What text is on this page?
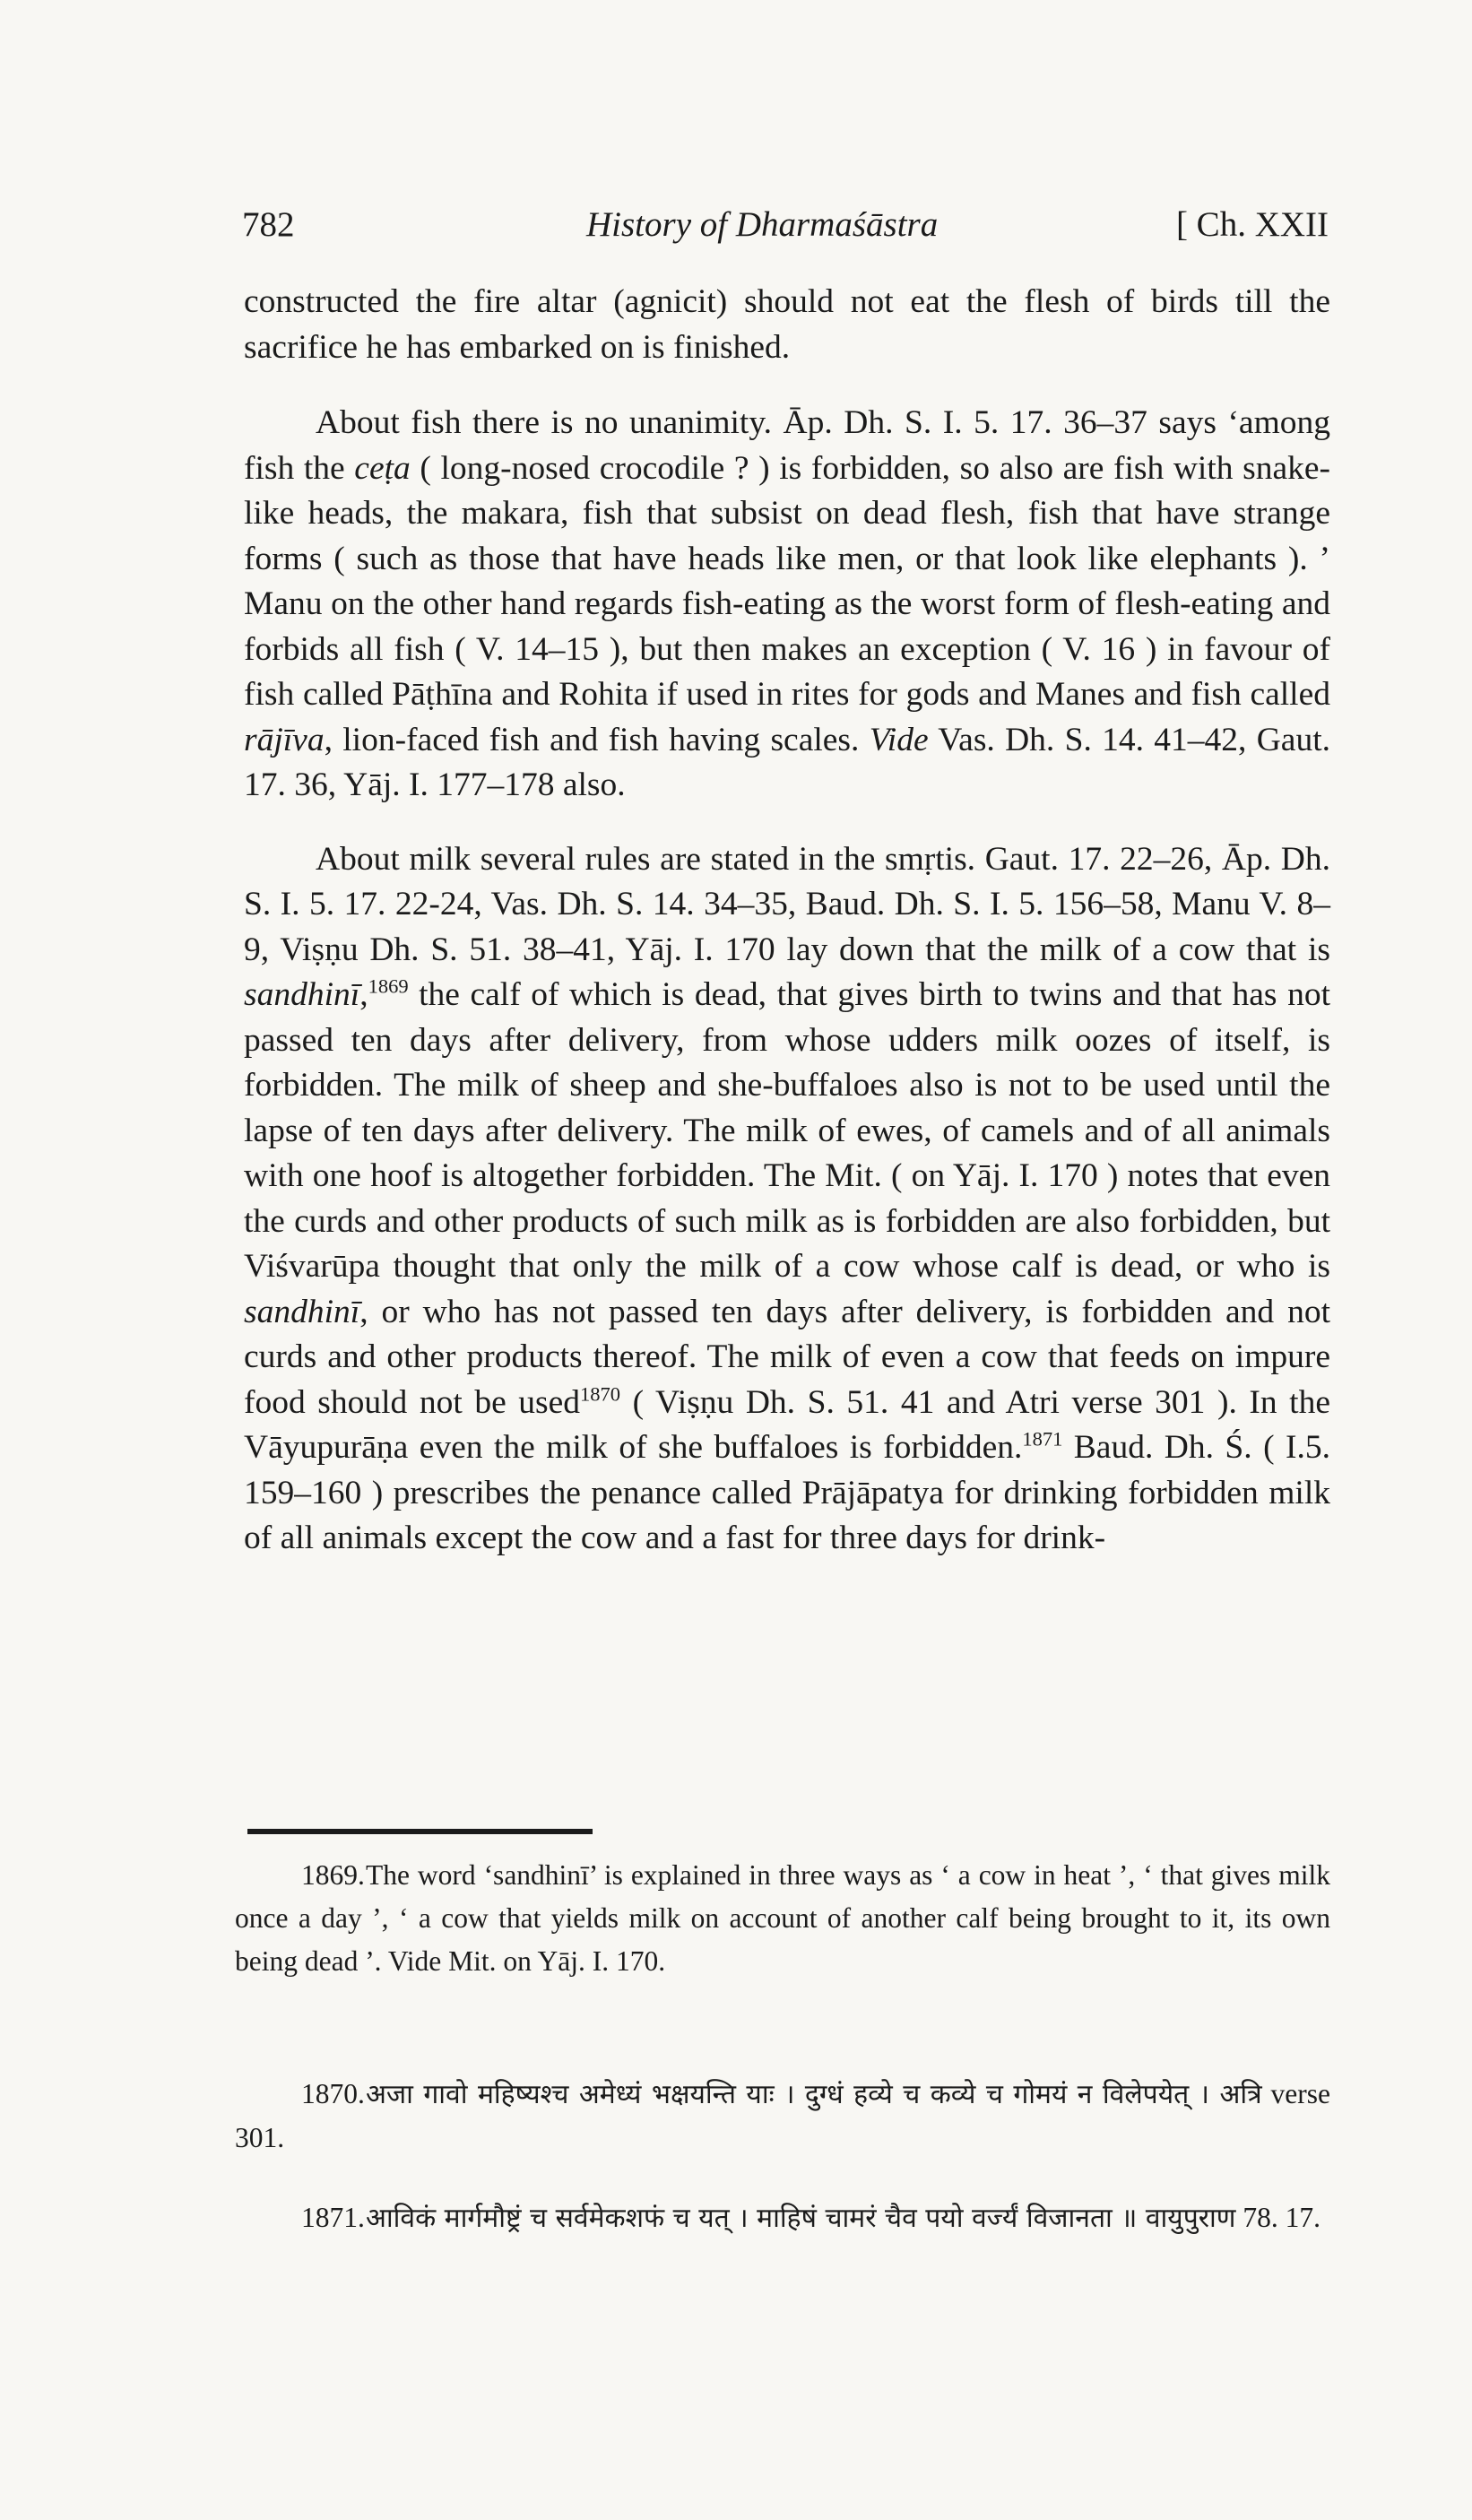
782	History of Dharmaśāstra	[ Ch. XXII

constructed the fire altar (agnicit) should not eat the flesh of birds till the sacrifice he has embarked on is finished.

About fish there is no unanimity. Āp. Dh. S. I. 5. 17. 36–37 says ‘among fish the ceṭa ( long-nosed crocodile ? ) is forbidden, so also are fish with snake-like heads, the makara, fish that subsist on dead flesh, fish that have strange forms ( such as those that have heads like men, or that look like elephants ). ’ Manu on the other hand regards fish-eating as the worst form of flesh-eating and forbids all fish ( V. 14–15 ), but then makes an exception ( V. 16 ) in favour of fish called Pāṭhīna and Rohita if used in rites for gods and Manes and fish called rājīva, lion-faced fish and fish having scales. Vide Vas. Dh. S. 14. 41–42, Gaut. 17. 36, Yāj. I. 177–178 also.

About milk several rules are stated in the smṛtis. Gaut. 17. 22–26, Āp. Dh. S. I. 5. 17. 22-24, Vas. Dh. S. 14. 34–35, Baud. Dh. S. I. 5. 156–58, Manu V. 8–9, Viṣṇu Dh. S. 51. 38–41, Yāj. I. 170 lay down that the milk of a cow that is sandhinī,$^{1869}$ the calf of which is dead, that gives birth to twins and that has not passed ten days after delivery, from whose udders milk oozes of itself, is forbidden. The milk of sheep and she-buffaloes also is not to be used until the lapse of ten days after delivery. The milk of ewes, of camels and of all animals with one hoof is altogether forbidden. The Mit. ( on Yāj. I. 170 ) notes that even the curds and other products of such milk as is forbidden are also forbidden, but Viśvarūpa thought that only the milk of a cow whose calf is dead, or who is sandhinī, or who has not passed ten days after delivery, is forbidden and not curds and other products thereof. The milk of even a cow that feeds on impure food should not be used$^{1870}$ ( Viṣṇu Dh. S. 51. 41 and Atri verse 301 ). In the Vāyupurāṇa even the milk of she buffaloes is forbidden.$^{1871}$ Baud. Dh. Ś. ( I.5. 159–160 ) prescribes the penance called Prājāpatya for drinking forbidden milk of all animals except the cow and a fast for three days for drink-

1869.The word ‘sandhinī’ is explained in three ways as ‘ a cow in heat ’, ‘ that gives milk once a day ’, ‘ a cow that yields milk on account of another calf being brought to it, its own being dead ’. Vide Mit. on Yāj. I. 170.
1870.अजा गावो महिष्यश्च अमेध्यं भक्षयन्ति याः । दुग्धं हव्ये च कव्ये च गोमयं न विलेपयेत् । अत्रि verse 301.
1871.आविकं मार्गमौष्ट्रं च सर्वमेकशफं च यत् । माहिषं चामरं चैव पयो वर्ज्यं विजानता ॥ वायुपुराण 78. 17.
